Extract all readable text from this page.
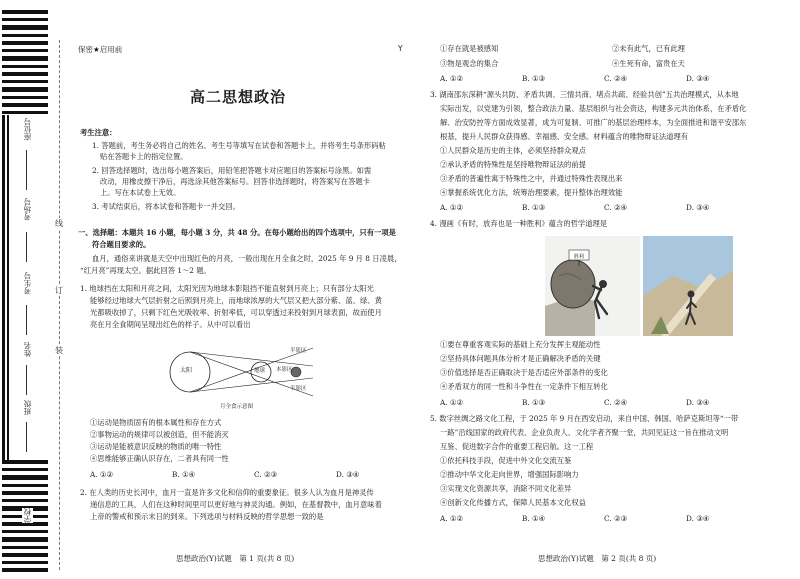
座位号
考场号
考生号
姓名
班级
学校
线
订
装
保密★启用前	Y
高二思想政治
考生注意：
1. 答题前，考生务必将自己的姓名、考生号等填写在试卷和答题卡上，并将考生号条形码粘
贴在答题卡上的指定位置。
2. 回答选择题时，选出每小题答案后，用铅笔把答题卡对应题目的答案标号涂黑。如需
改动，用橡皮擦干净后，再选涂其他答案标号。回答非选择题时，将答案写在答题卡
上。写在本试卷上无效。
3. 考试结束后，将本试卷和答题卡一并交回。
一、选择题：本题共 16 小题，每小题 3 分，共 48 分。在每小题给出的四个选项中，只有一项是
符合题目要求的。
血月，通俗来讲就是天空中出现红色的月亮，一般出现在月全食之时，2025 年 9 月 8 日凌晨，
“红月亮”再现太空。据此回答 1～2 题。
1. 地球挡在太阳和月亮之间，太阳光因为地球本影阻挡不能直射到月亮上；只有部分太阳光
能够经过地球大气层折射之后照到月亮上，而地球浓厚的大气层又把大部分紫、蓝、绿、黄
光都吸收掉了，只剩下红色光吸收率、折射率低，可以穿透过来投射到月球表面，故而使月
亮在月全食期间呈现出红色的样子。从中可以看出
太阳	地球 本影区
半影区
半影区
月全食示意图
①运动是物质固有的根本属性和存在方式
②事物运动的规律可以被创造，但不能消灭
③运动是能被意识反映的物质的唯一特性
④思维能够正确认识存在，二者具有同一性
A. ①②	B. ①④	C. ②③	D. ③④
2. 在人类的历史长河中，血月一直是许多文化和信仰的重要象征。很多人认为血月是神灵传
递信息的工具，人们在这种时间里可以更好地与神灵沟通。例如，在基督教中，血月意味着
上帝的警戒和预示末日的到来。下列选项与材料反映的哲学思想一致的是
思想政治(Y)试题　第 1 页(共 8 页)
①存在就是被感知	②未有此气，已有此理
③物是观念的集合	④生死有命，富贵在天
A. ①②	B. ①③	C. ②④	D. ③④
3. 湖南邵东深耕“源头共防、矛盾共调、三情共商、堵点共疏、经验共创”五共治理模式，从本地
实际出发，以党建为引领，整合政法力量、基层组织与社会资达，构建多元共治体系，在矛盾化
解、治安防控等方面成效显著，成为可复制、可推广的基层治理样本，为全面推进和谐平安邵东
根基，提升人民群众获得感、幸福感、安全感。材料蕴含的唯物辩证法道理有
①人民群众是历史的主体，必须坚持群众观点
②承认矛盾的特殊性是坚持唯物辩证法的前提
③矛盾的普遍性寓于特殊性之中，并通过特殊性表现出来
④掌握系统优化方法，统筹治理要素，提升整体治理效能
A. ①②	B. ①③	C. ②④	D. ③④
4. 漫画《有时，放弃也是一种胜利》蕴含的哲学道理是
胜利
①要在尊重客观实际的基础上充分发挥主观能动性
②坚持具体问题具体分析才是正确解决矛盾的关键
③价值选择是否正确取决于是否适应外部条件的变化
④矛盾双方的同一性和斗争性在一定条件下相互转化
A. ①②	B. ①③	C. ②④	D. ③④
5. 数字丝绸之路文化工程，于 2025 年 9 月在西安启动，来自中国、韩国、哈萨克斯坦等“一带
一路”沿线国家的政府代表、企业负责人、文化学者齐聚一堂，共同见证这一旨在推动文明
互鉴、促进数字合作的重要工程启航。这一工程
①依托科技手段，促进中外文化交流互鉴
②推动中华文化走向世界，增强国际影响力
③实现文化资源共享，消除不同文化差异
④创新文化传播方式，保障人民基本文化权益
A. ①②	B. ①④	C. ②③	D. ③④
思想政治(Y)试题　第 2 页(共 8 页)
